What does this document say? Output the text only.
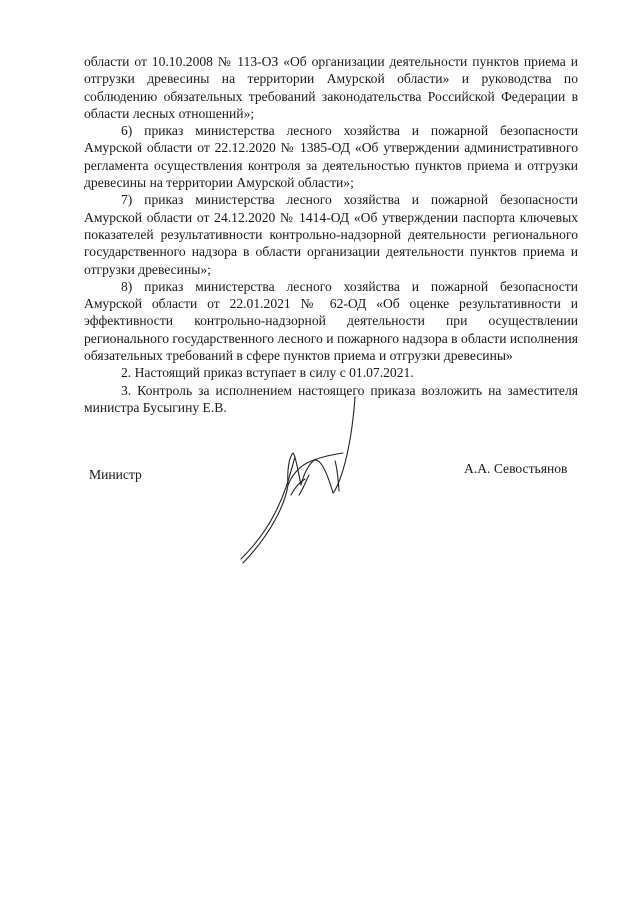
области от 10.10.2008 № 113-ОЗ «Об организации деятельности пунктов приема и отгрузки древесины на территории Амурской области» и руководства по соблюдению обязательных требований законодательства Российской Федерации в области лесных отношений»;

6) приказ министерства лесного хозяйства и пожарной безопасности Амурской области от 22.12.2020 № 1385-ОД «Об утверждении административного регламента осуществления контроля за деятельностью пунктов приема и отгрузки древесины на территории Амурской области»;

7) приказ министерства лесного хозяйства и пожарной безопасности Амурской области от 24.12.2020 № 1414-ОД «Об утверждении паспорта ключевых показателей результативности контрольно-надзорной деятельности регионального государственного надзора в области организации деятельности пунктов приема и отгрузки древесины»;

8) приказ министерства лесного хозяйства и пожарной безопасности Амурской области от 22.01.2021 № 62-ОД «Об оценке результативности и эффективности контрольно-надзорной деятельности при осуществлении регионального государственного лесного и пожарного надзора в области исполнения обязательных требований в сфере пунктов приема и отгрузки древесины»

2. Настоящий приказ вступает в силу с 01.07.2021.

3. Контроль за исполнением настоящего приказа возложить на заместителя министра Бусыгину Е.В.

Министр	А.А. Севостьянов
